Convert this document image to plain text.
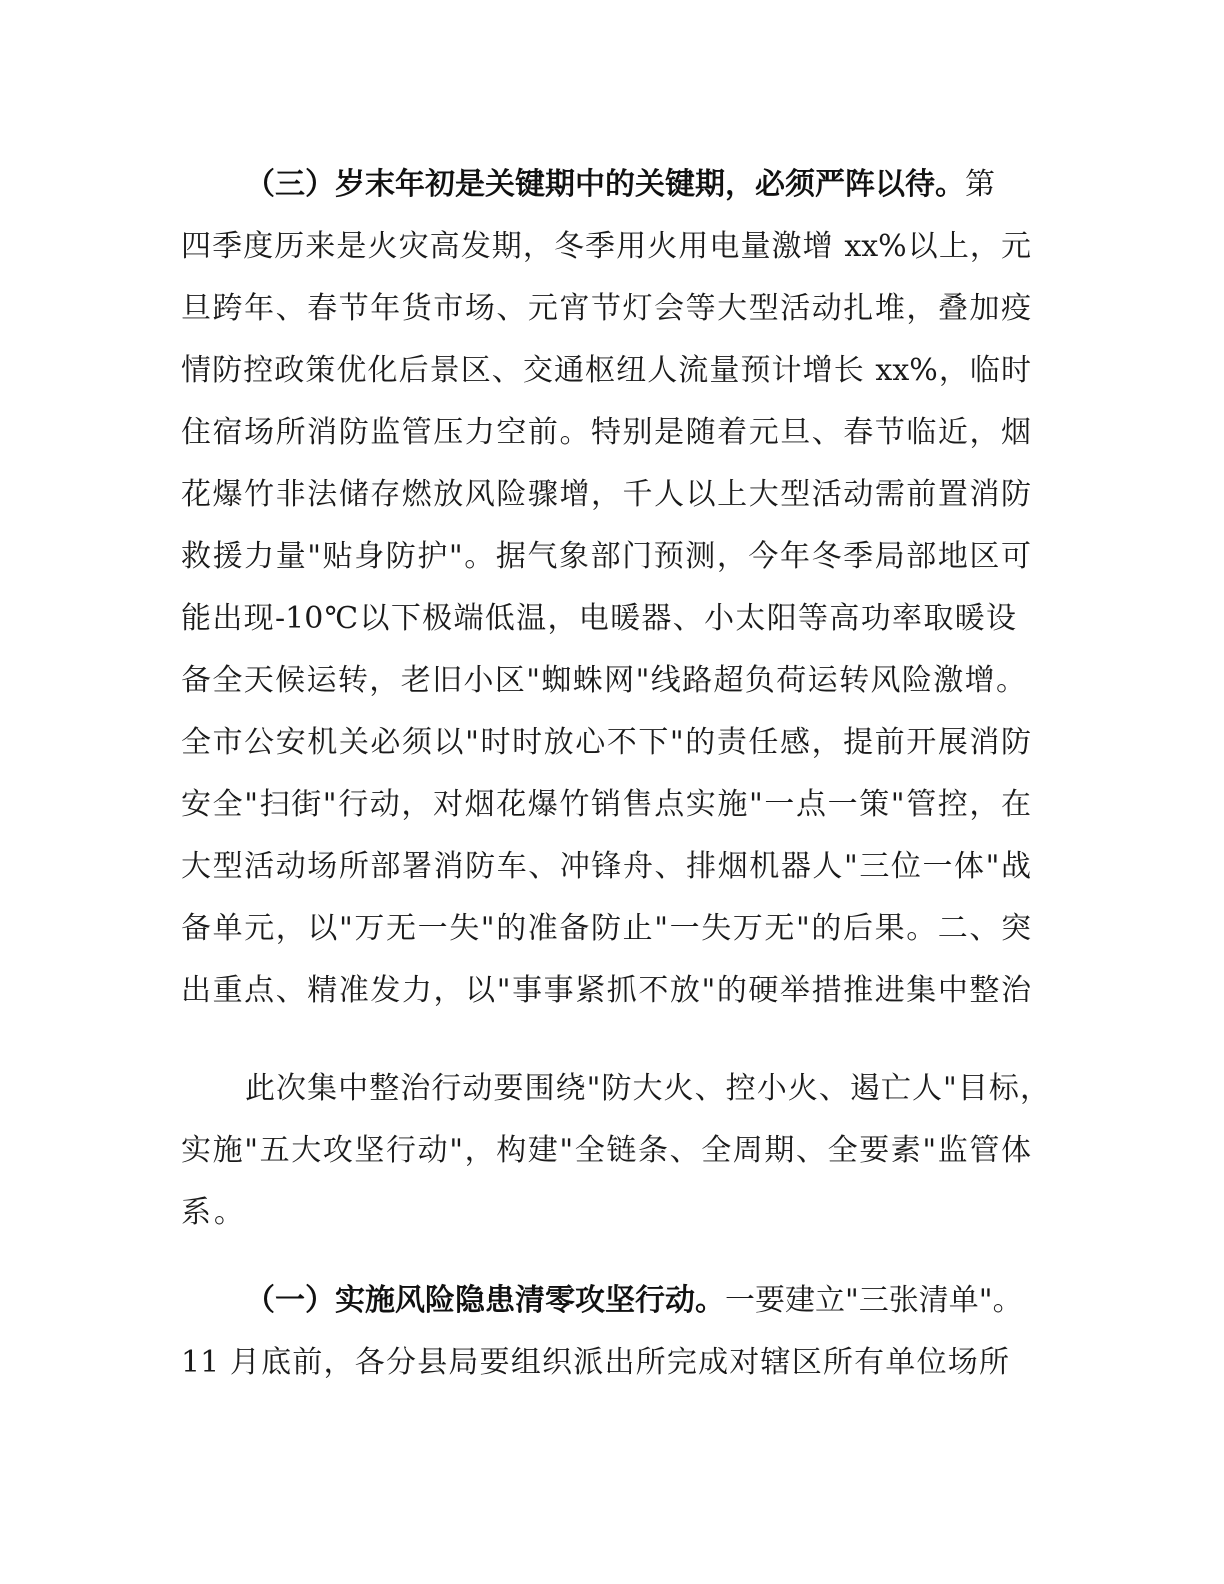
（三）岁末年初是关键期中的关键期，必须严阵以待。第
四季度历来是火灾高发期，冬季用火用电量激增 xx%以上，元
旦跨年、春节年货市场、元宵节灯会等大型活动扎堆，叠加疫
情防控政策优化后景区、交通枢纽人流量预计增长 xx%，临时
住宿场所消防监管压力空前。特别是随着元旦、春节临近，烟
花爆竹非法储存燃放风险骤增，千人以上大型活动需前置消防
救援力量"贴身防护"。据气象部门预测，今年冬季局部地区可
能出现-10℃以下极端低温，电暖器、小太阳等高功率取暖设
备全天候运转，老旧小区"蜘蛛网"线路超负荷运转风险激增。
全市公安机关必须以"时时放心不下"的责任感，提前开展消防
安全"扫街"行动，对烟花爆竹销售点实施"一点一策"管控，在
大型活动场所部署消防车、冲锋舟、排烟机器人"三位一体"战
备单元，以"万无一失"的准备防止"一失万无"的后果。二、突
出重点、精准发力，以"事事紧抓不放"的硬举措推进集中整治
此次集中整治行动要围绕"防大火、控小火、遏亡人"目标，
实施"五大攻坚行动"，构建"全链条、全周期、全要素"监管体
系。
（一）实施风险隐患清零攻坚行动。一要建立"三张清单"。
11 月底前，各分县局要组织派出所完成对辖区所有单位场所
